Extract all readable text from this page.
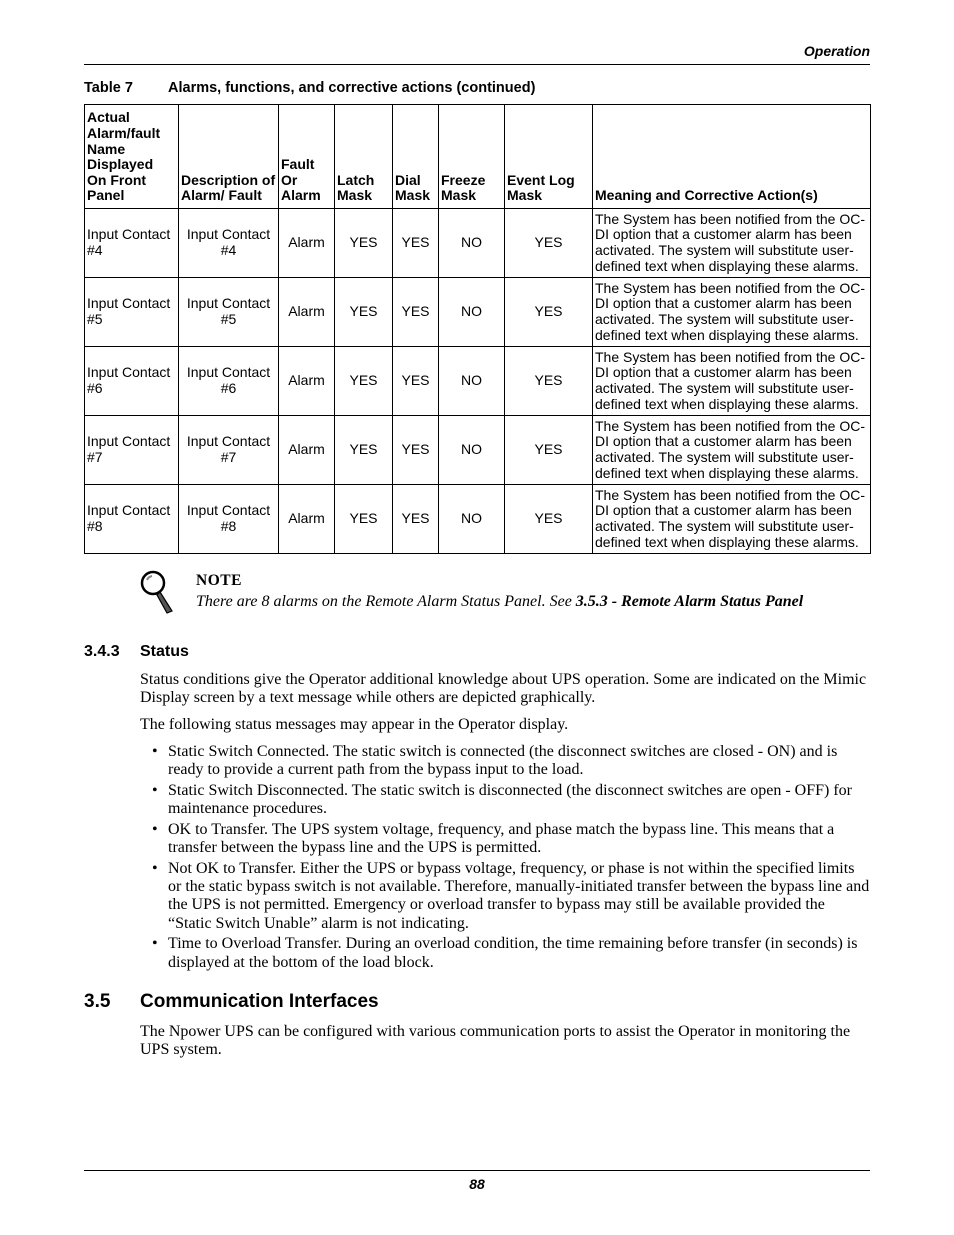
Operation
Table 7 Alarms, functions, and corrective actions (continued)
Actual Alarm/fault Name Displayed On Front Panel	Description of Alarm/ Fault	Fault Or Alarm	Latch Mask	Dial Mask	Freeze Mask	Event Log Mask	Meaning and Corrective Action(s)
Input Contact #4	Input Contact #4	Alarm	YES	YES	NO	YES	The System has been notified from the OC-DI option that a customer alarm has been activated. The system will substitute user-defined text when displaying these alarms.
Input Contact #5	Input Contact #5	Alarm	YES	YES	NO	YES	The System has been notified from the OC-DI option that a customer alarm has been activated. The system will substitute user-defined text when displaying these alarms.
Input Contact #6	Input Contact #6	Alarm	YES	YES	NO	YES	The System has been notified from the OC-DI option that a customer alarm has been activated. The system will substitute user-defined text when displaying these alarms.
Input Contact #7	Input Contact #7	Alarm	YES	YES	NO	YES	The System has been notified from the OC-DI option that a customer alarm has been activated. The system will substitute user-defined text when displaying these alarms.
Input Contact #8	Input Contact #8	Alarm	YES	YES	NO	YES	The System has been notified from the OC-DI option that a customer alarm has been activated. The system will substitute user-defined text when displaying these alarms.
NOTE
There are 8 alarms on the Remote Alarm Status Panel. See 3.5.3 - Remote Alarm Status Panel
3.4.3 Status
Status conditions give the Operator additional knowledge about UPS operation. Some are indicated on the Mimic Display screen by a text message while others are depicted graphically.
The following status messages may appear in the Operator display.
• Static Switch Connected. The static switch is connected (the disconnect switches are closed - ON) and is ready to provide a current path from the bypass input to the load.
• Static Switch Disconnected. The static switch is disconnected (the disconnect switches are open - OFF) for maintenance procedures.
• OK to Transfer. The UPS system voltage, frequency, and phase match the bypass line. This means that a transfer between the bypass line and the UPS is permitted.
• Not OK to Transfer. Either the UPS or bypass voltage, frequency, or phase is not within the specified limits or the static bypass switch is not available. Therefore, manually-initiated transfer between the bypass line and the UPS is not permitted. Emergency or overload transfer to bypass may still be available provided the “Static Switch Unable” alarm is not indicating.
• Time to Overload Transfer. During an overload condition, the time remaining before transfer (in seconds) is displayed at the bottom of the load block.
3.5 Communication Interfaces
The Npower UPS can be configured with various communication ports to assist the Operator in monitoring the UPS system.
88
